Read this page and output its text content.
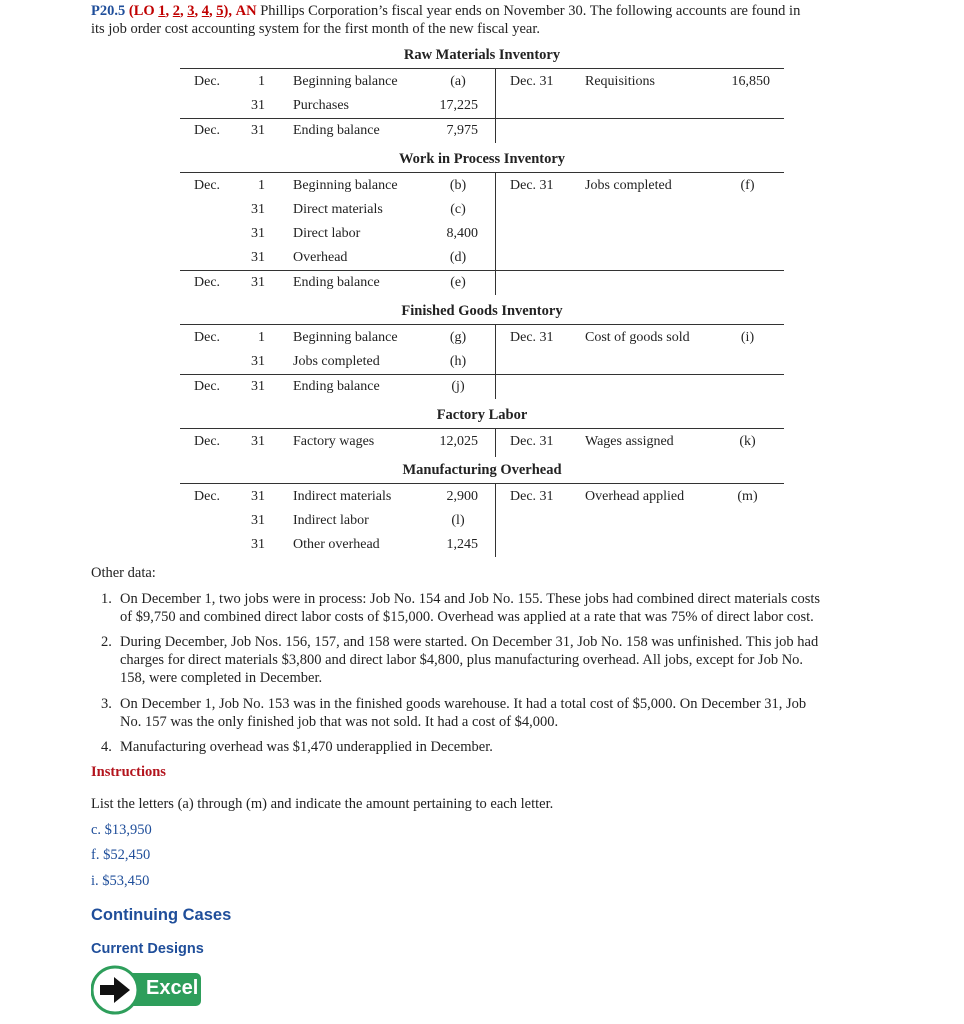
P20.5 (LO 1, 2, 3, 4, 5), AN Phillips Corporation’s fiscal year ends on November 30. The following accounts are found in
its job order cost accounting system for the first month of the new fiscal year.
Raw Materials Inventory
Dec.	1 Beginning balance	(a)	Dec. 31 Requisitions	16,850
31 Purchases	17,225
Dec.	31 Ending balance	7,975
Work in Process Inventory
Dec.	1 Beginning balance	(b)	Dec. 31 Jobs completed	(f)
31 Direct materials	(c)
31 Direct labor	8,400
31 Overhead	(d)
Dec.	31 Ending balance	(e)
Finished Goods Inventory
Dec.	1 Beginning balance	(g)	Dec. 31 Cost of goods sold	(i)
31 Jobs completed	(h)
Dec.	31 Ending balance	(j)
Factory Labor
Dec.	31 Factory wages	12,025 Dec. 31 Wages assigned	(k)
Manufacturing Overhead
Dec.	31 Indirect materials	2,900 Dec. 31 Overhead applied	(m)
31 Indirect labor	(l)
31 Other overhead	1,245
Other data:
1. On December 1, two jobs were in process: Job No. 154 and Job No. 155. These jobs had combined direct materials costs
of $9,750 and combined direct labor costs of $15,000. Overhead was applied at a rate that was 75% of direct labor cost.
2. During December, Job Nos. 156, 157, and 158 were started. On December 31, Job No. 158 was unfinished. This job had
charges for direct materials $3,800 and direct labor $4,800, plus manufacturing overhead. All jobs, except for Job No.
158, were completed in December.
3. On December 1, Job No. 153 was in the finished goods warehouse. It had a total cost of $5,000. On December 31, Job
No. 157 was the only finished job that was not sold. It had a cost of $4,000.
4. Manufacturing overhead was $1,470 underapplied in December.
Instructions
List the letters (a) through (m) and indicate the amount pertaining to each letter.
c. $13,950
f. $52,450
i. $53,450
Continuing Cases
Current Designs
Excel
